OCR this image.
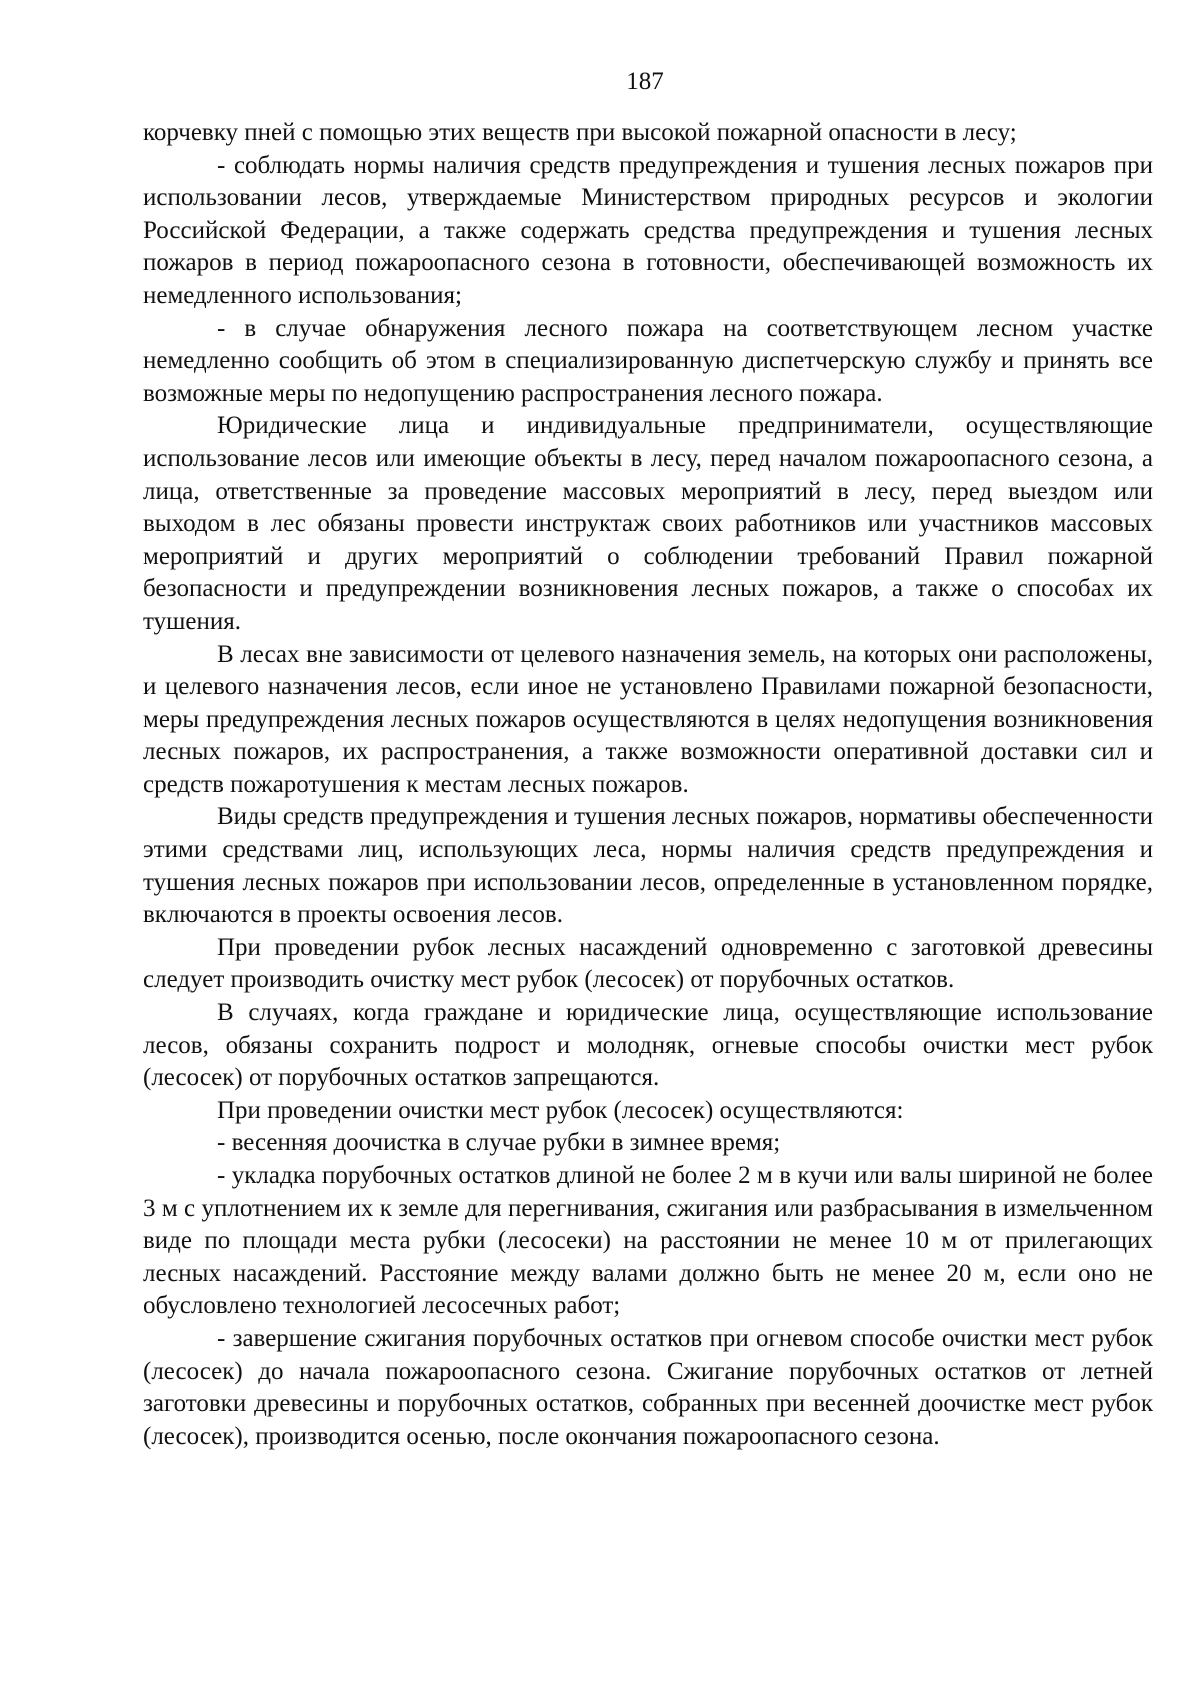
187

корчевку пней с помощью этих веществ при высокой пожарной опасности в лесу;

- соблюдать нормы наличия средств предупреждения и тушения лесных пожаров при использовании лесов, утверждаемые Министерством природных ресурсов и экологии Российской Федерации, а также содержать средства предупреждения и тушения лесных пожаров в период пожароопасного сезона в готовности, обеспечивающей возможность их немедленного использования;

- в случае обнаружения лесного пожара на соответствующем лесном участке немедленно сообщить об этом в специализированную диспетчерскую службу и принять все возможные меры по недопущению распространения лесного пожара.

Юридические лица и индивидуальные предприниматели, осуществляющие использование лесов или имеющие объекты в лесу, перед началом пожароопасного сезона, а лица, ответственные за проведение массовых мероприятий в лесу, перед выездом или выходом в лес обязаны провести инструктаж своих работников или участников массовых мероприятий и других мероприятий о соблюдении требований Правил пожарной безопасности и предупреждении возникновения лесных пожаров, а также о способах их тушения.

В лесах вне зависимости от целевого назначения земель, на которых они расположены, и целевого назначения лесов, если иное не установлено Правилами пожарной безопасности, меры предупреждения лесных пожаров осуществляются в целях недопущения возникновения лесных пожаров, их распространения, а также возможности оперативной доставки сил и средств пожаротушения к местам лесных пожаров.

Виды средств предупреждения и тушения лесных пожаров, нормативы обеспеченности этими средствами лиц, использующих леса, нормы наличия средств предупреждения и тушения лесных пожаров при использовании лесов, определенные в установленном порядке, включаются в проекты освоения лесов.

При проведении рубок лесных насаждений одновременно с заготовкой древесины следует производить очистку мест рубок (лесосек) от порубочных остатков.

В случаях, когда граждане и юридические лица, осуществляющие использование лесов, обязаны сохранить подрост и молодняк, огневые способы очистки мест рубок (лесосек) от порубочных остатков запрещаются.

При проведении очистки мест рубок (лесосек) осуществляются:

- весенняя доочистка в случае рубки в зимнее время;

- укладка порубочных остатков длиной не более 2 м в кучи или валы шириной не более 3 м с уплотнением их к земле для перегнивания, сжигания или разбрасывания в измельченном виде по площади места рубки (лесосеки) на расстоянии не менее 10 м от прилегающих лесных насаждений. Расстояние между валами должно быть не менее 20 м, если оно не обусловлено технологией лесосечных работ;

- завершение сжигания порубочных остатков при огневом способе очистки мест рубок (лесосек) до начала пожароопасного сезона. Сжигание порубочных остатков от летней заготовки древесины и порубочных остатков, собранных при весенней доочистке мест рубок (лесосек), производится осенью, после окончания пожароопасного сезона.
